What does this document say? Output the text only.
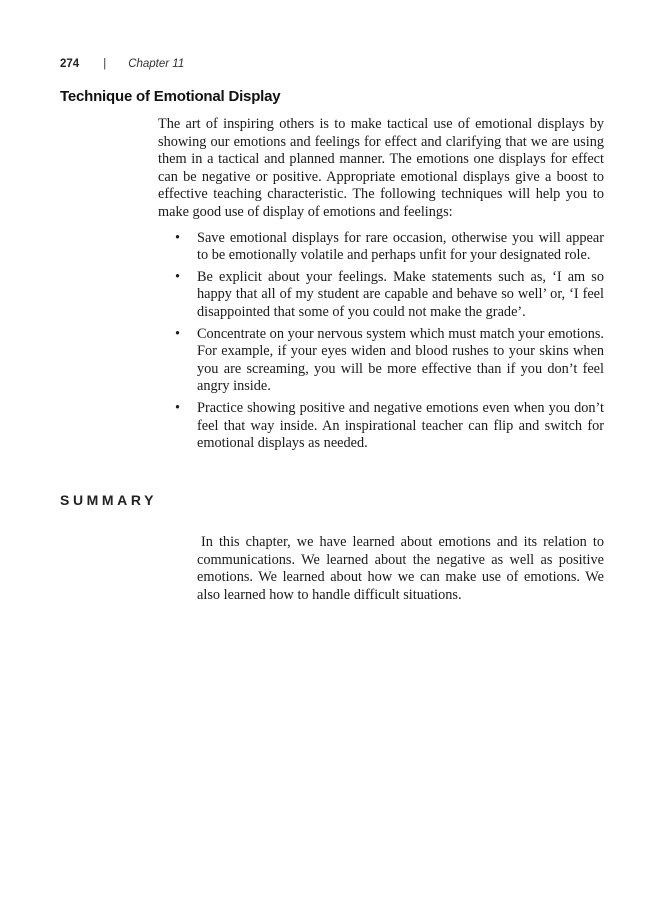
274 | Chapter 11
Technique of Emotional Display

The art of inspiring others is to make tactical use of emotional displays by showing our emotions and feelings for effect and clarifying that we are using them in a tactical and planned manner. The emotions one displays for effect can be negative or positive. Appropriate emotional displays give a boost to effective teaching characteristic. The following techniques will help you to make good use of display of emotions and feelings:

• Save emotional displays for rare occasion, otherwise you will appear to be emotionally volatile and perhaps unfit for your designated role.
• Be explicit about your feelings. Make statements such as, ‘I am so happy that all of my student are capable and behave so well’ or, ‘I feel disappointed that some of you could not make the grade’.
• Concentrate on your nervous system which must match your emotions. For example, if your eyes widen and blood rushes to your skins when you are screaming, you will be more effective than if you don’t feel angry inside.
• Practice showing positive and negative emotions even when you don’t feel that way inside. An inspirational teacher can flip and switch for emotional displays as needed.
SUMMARY

In this chapter, we have learned about emotions and its relation to communications. We learned about the negative as well as positive emotions. We learned about how we can make use of emotions. We also learned how to handle difficult situations.
